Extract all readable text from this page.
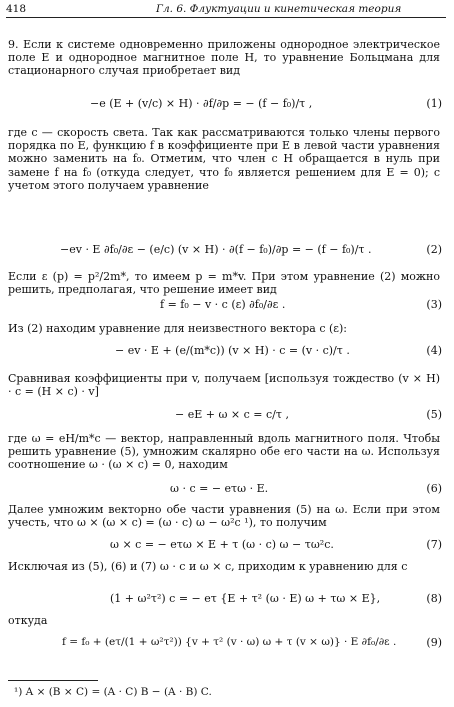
418	Гл. 6. Флуктуации и кинетическая теория
9. Если к системе одновременно приложены однородное электрическое поле E и однородное магнитное поле H, то уравнение Больцмана для стационарного случая приобретает вид
−e (E + (v/c) × H) · ∂f/∂p = − (f − f₀)/τ ,	(1)
где c — скорость света. Так как рассматриваются только члены первого порядка по E, функцию f в коэффициенте при E в левой части уравнения можно заменить на f₀. Отметим, что член с H обращается в нуль при замене f на f₀ (откуда следует, что f₀ является решением для E = 0); с учетом этого получаем уравнение
−ev · E ∂f₀/∂ε − (e/c) (v × H) · ∂(f − f₀)/∂p = − (f − f₀)/τ .	(2)
Если ε (p) = p²/2m*, то имеем p = m*v. При этом уравнение (2) можно решить, предполагая, что решение имеет вид
f = f₀ − v · c (ε) ∂f₀/∂ε .	(3)
Из (2) находим уравнение для неизвестного вектора c (ε):
− ev · E + (e/(m*c)) (v × H) · c = (v · c)/τ .	(4)
Сравнивая коэффициенты при v, получаем [используя тождество (v × H) · c = (H × c) · v]
− eE + ω × c = c/τ ,	(5)
где ω = eH/m*c — вектор, направленный вдоль магнитного поля. Чтобы решить уравнение (5), умножим скалярно обе его части на ω. Используя соотношение ω · (ω × c) = 0, находим
ω · c = − eτω · E.	(6)
Далее умножим векторно обе части уравнения (5) на ω. Если при этом учесть, что ω × (ω × c) = (ω · c) ω − ω²c ¹), то получим
ω × c = − eτω × E + τ (ω · c) ω − τω²c.	(7)
Исключая из (5), (6) и (7) ω · c и ω × c, приходим к уравнению для c
(1 + ω²τ²) c = − eτ {E + τ² (ω · E) ω + τω × E},	(8)
откуда
f = f₀ + (eτ/(1 + ω²τ²)) {v + τ² (v · ω) ω + τ (v × ω)} · E ∂f₀/∂ε .	(9)
¹) A × (B × C) = (A · C) B − (A · B) C.
